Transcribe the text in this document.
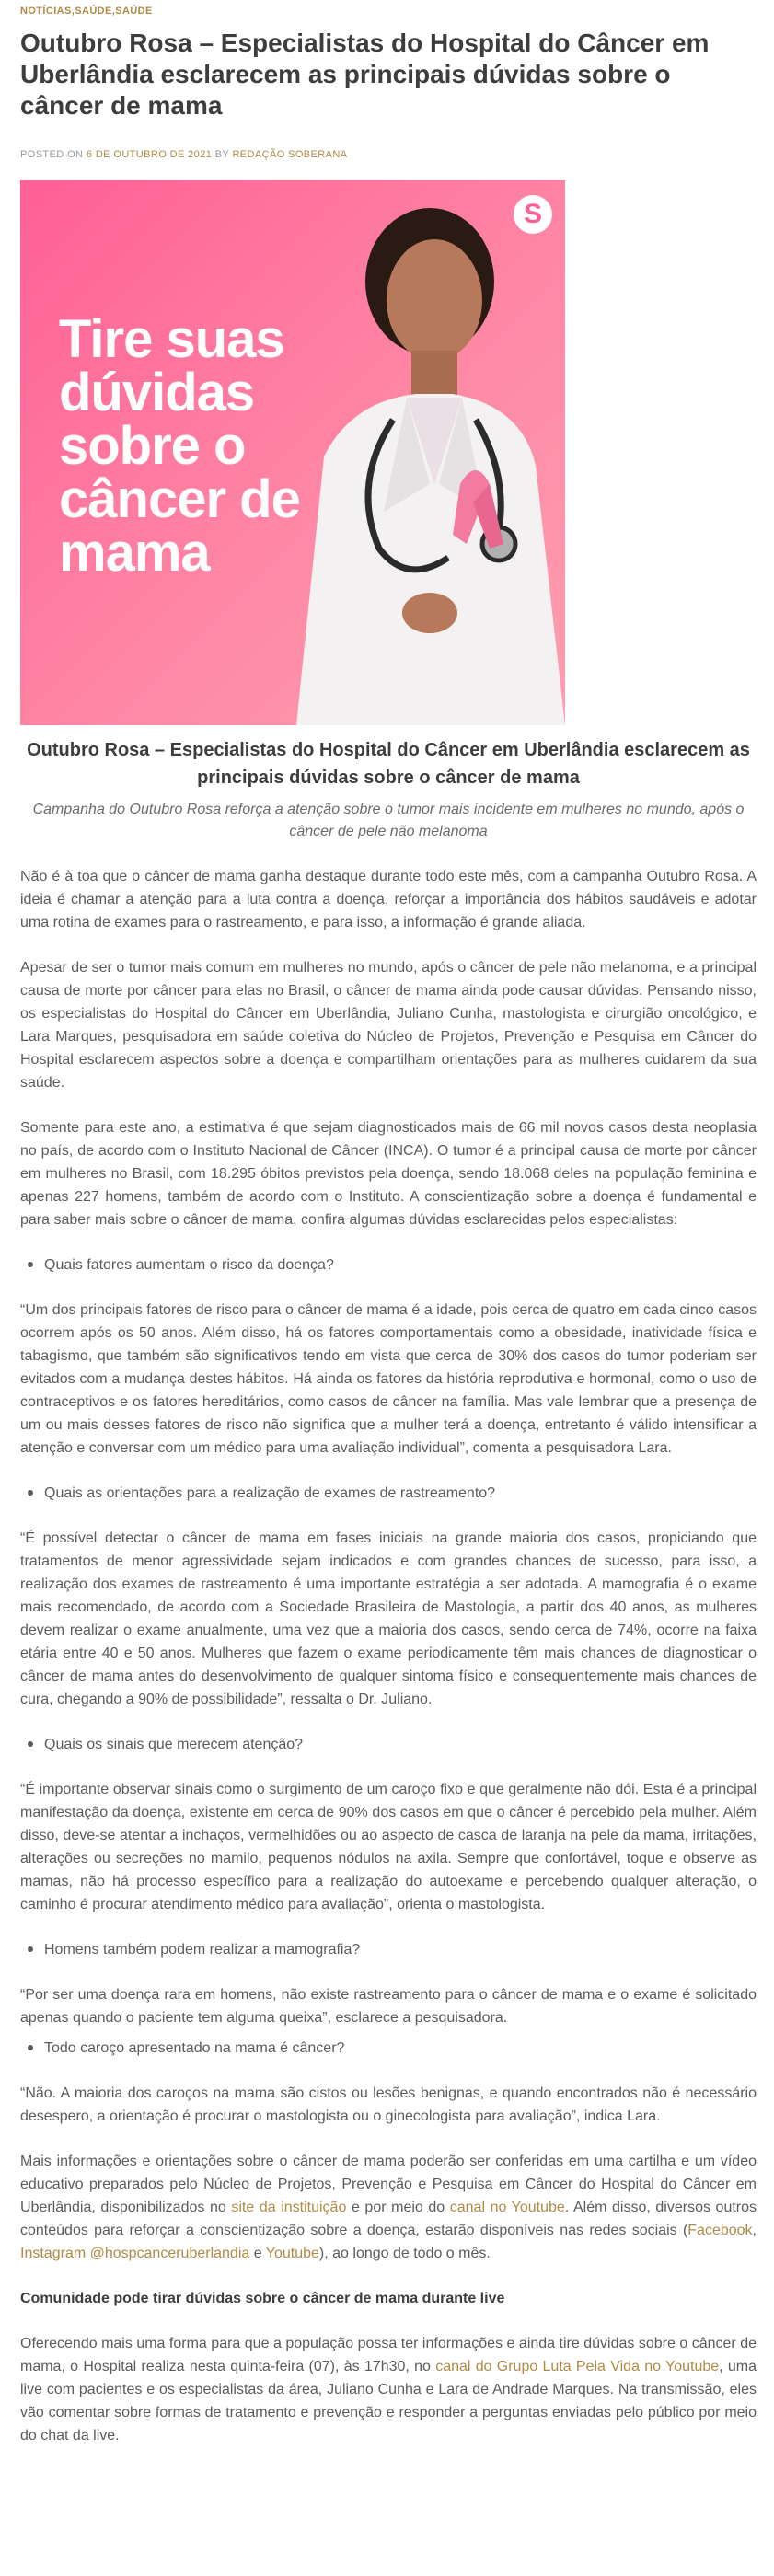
NOTÍCIAS,SAÚDE,SAÚDE
Outubro Rosa – Especialistas do Hospital do Câncer em Uberlândia esclarecem as principais dúvidas sobre o câncer de mama
POSTED ON 6 DE OUTUBRO DE 2021 BY REDAÇÃO SOBERANA
S
Tire suas
dúvidas
sobre o
câncer de
mama
Outubro Rosa – Especialistas do Hospital do Câncer em Uberlândia esclarecem as principais dúvidas sobre o câncer de mama
Campanha do Outubro Rosa reforça a atenção sobre o tumor mais incidente em mulheres no mundo, após o câncer de pele não melanoma

Não é à toa que o câncer de mama ganha destaque durante todo este mês, com a campanha Outubro Rosa. A ideia é chamar a atenção para a luta contra a doença, reforçar a importância dos hábitos saudáveis e adotar uma rotina de exames para o rastreamento, e para isso, a informação é grande aliada.

Apesar de ser o tumor mais comum em mulheres no mundo, após o câncer de pele não melanoma, e a principal causa de morte por câncer para elas no Brasil, o câncer de mama ainda pode causar dúvidas. Pensando nisso, os especialistas do Hospital do Câncer em Uberlândia, Juliano Cunha, mastologista e cirurgião oncológico, e Lara Marques, pesquisadora em saúde coletiva do Núcleo de Projetos, Prevenção e Pesquisa em Câncer do Hospital esclarecem aspectos sobre a doença e compartilham orientações para as mulheres cuidarem da sua saúde.

Somente para este ano, a estimativa é que sejam diagnosticados mais de 66 mil novos casos desta neoplasia no país, de acordo com o Instituto Nacional de Câncer (INCA). O tumor é a principal causa de morte por câncer em mulheres no Brasil, com 18.295 óbitos previstos pela doença, sendo 18.068 deles na população feminina e apenas 227 homens, também de acordo com o Instituto. A conscientização sobre a doença é fundamental e para saber mais sobre o câncer de mama, confira algumas dúvidas esclarecidas pelos especialistas:

Quais fatores aumentam o risco da doença?

“Um dos principais fatores de risco para o câncer de mama é a idade, pois cerca de quatro em cada cinco casos ocorrem após os 50 anos. Além disso, há os fatores comportamentais como a obesidade, inatividade física e tabagismo, que também são significativos tendo em vista que cerca de 30% dos casos do tumor poderiam ser evitados com a mudança destes hábitos. Há ainda os fatores da história reprodutiva e hormonal, como o uso de contraceptivos e os fatores hereditários, como casos de câncer na família. Mas vale lembrar que a presença de um ou mais desses fatores de risco não significa que a mulher terá a doença, entretanto é válido intensificar a atenção e conversar com um médico para uma avaliação individual”, comenta a pesquisadora Lara.

Quais as orientações para a realização de exames de rastreamento?

“É possível detectar o câncer de mama em fases iniciais na grande maioria dos casos, propiciando que tratamentos de menor agressividade sejam indicados e com grandes chances de sucesso, para isso, a realização dos exames de rastreamento é uma importante estratégia a ser adotada. A mamografia é o exame mais recomendado, de acordo com a Sociedade Brasileira de Mastologia, a partir dos 40 anos, as mulheres devem realizar o exame anualmente, uma vez que a maioria dos casos, sendo cerca de 74%, ocorre na faixa etária entre 40 e 50 anos. Mulheres que fazem o exame periodicamente têm mais chances de diagnosticar o câncer de mama antes do desenvolvimento de qualquer sintoma físico e consequentemente mais chances de cura, chegando a 90% de possibilidade”, ressalta o Dr. Juliano.

Quais os sinais que merecem atenção?

“É importante observar sinais como o surgimento de um caroço fixo e que geralmente não dói. Esta é a principal manifestação da doença, existente em cerca de 90% dos casos em que o câncer é percebido pela mulher. Além disso, deve-se atentar a inchaços, vermelhidões ou ao aspecto de casca de laranja na pele da mama, irritações, alterações ou secreções no mamilo, pequenos nódulos na axila. Sempre que confortável, toque e observe as mamas, não há processo específico para a realização do autoexame e percebendo qualquer alteração, o caminho é procurar atendimento médico para avaliação”, orienta o mastologista.

Homens também podem realizar a mamografia?

“Por ser uma doença rara em homens, não existe rastreamento para o câncer de mama e o exame é solicitado apenas quando o paciente tem alguma queixa”, esclarece a pesquisadora.

Todo caroço apresentado na mama é câncer?

“Não. A maioria dos caroços na mama são cistos ou lesões benignas, e quando encontrados não é necessário desespero, a orientação é procurar o mastologista ou o ginecologista para avaliação”, indica Lara.

Mais informações e orientações sobre o câncer de mama poderão ser conferidas em uma cartilha e um vídeo educativo preparados pelo Núcleo de Projetos, Prevenção e Pesquisa em Câncer do Hospital do Câncer em Uberlândia, disponibilizados no site da instituição e por meio do canal no Youtube. Além disso, diversos outros conteúdos para reforçar a conscientização sobre a doença, estarão disponíveis nas redes sociais (Facebook, Instagram @hospcanceruberlandia e Youtube), ao longo de todo o mês.

Comunidade pode tirar dúvidas sobre o câncer de mama durante live

Oferecendo mais uma forma para que a população possa ter informações e ainda tire dúvidas sobre o câncer de mama, o Hospital realiza nesta quinta-feira (07), às 17h30, no canal do Grupo Luta Pela Vida no Youtube, uma live com pacientes e os especialistas da área, Juliano Cunha e Lara de Andrade Marques. Na transmissão, eles vão comentar sobre formas de tratamento e prevenção e responder a perguntas enviadas pelo público por meio do chat da live.
